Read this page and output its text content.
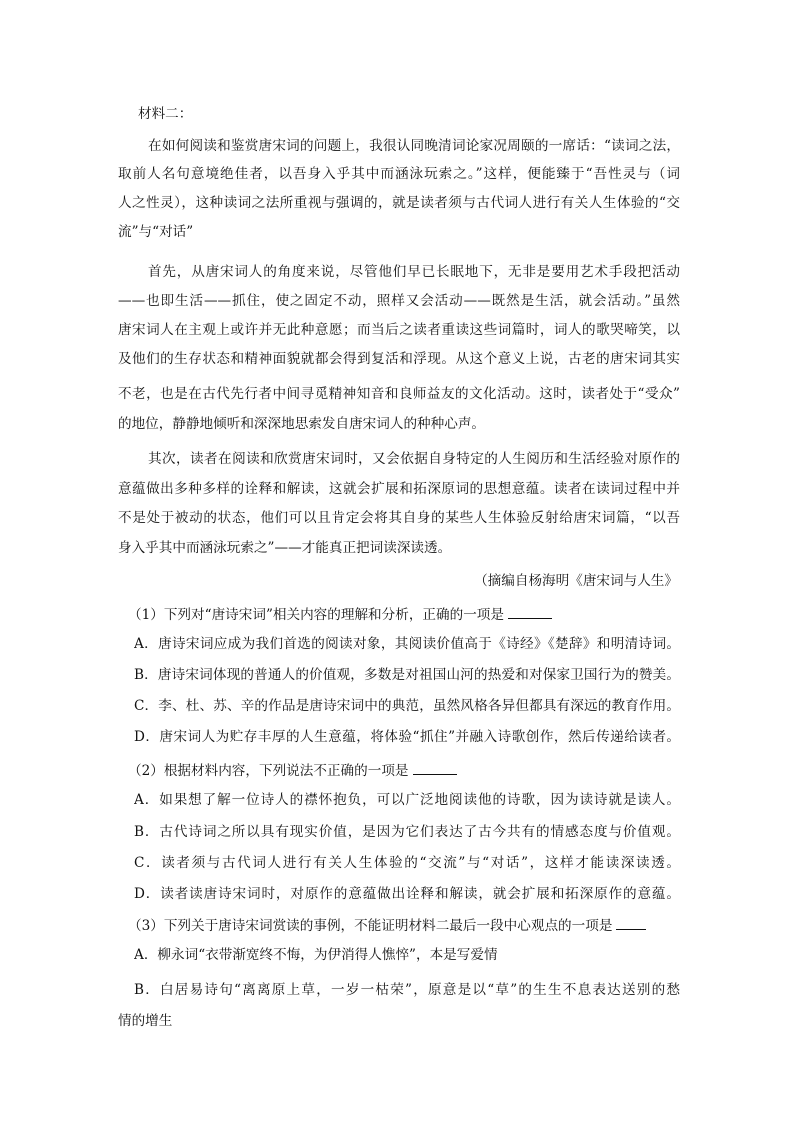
材料二：
在如何阅读和鉴赏唐宋词的问题上，我很认同晚清词论家况周颐的一席话：“读词之法，
取前人名句意境绝佳者，以吾身入乎其中而涵泳玩索之。”这样，便能臻于“吾性灵与（词
人之性灵），这种读词之法所重视与强调的，就是读者须与古代词人进行有关人生体验的“交
流”与“对话”
首先，从唐宋词人的角度来说，尽管他们早已长眠地下，无非是要用艺术手段把活动
——也即生活——抓住，使之固定不动，照样又会活动——既然是生活，就会活动。”虽然
唐宋词人在主观上或许并无此种意愿；而当后之读者重读这些词篇时，词人的歌哭啼笑，以
及他们的生存状态和精神面貌就都会得到复活和浮现。从这个意义上说，古老的唐宋词其实
不老，也是在古代先行者中间寻觅精神知音和良师益友的文化活动。这时，读者处于“受众”
的地位，静静地倾听和深深地思索发自唐宋词人的种种心声。
其次，读者在阅读和欣赏唐宋词时，又会依据自身特定的人生阅历和生活经验对原作的
意蕴做出多种多样的诠释和解读，这就会扩展和拓深原词的思想意蕴。读者在读词过程中并
不是处于被动的状态，他们可以且肯定会将其自身的某些人生体验反射给唐宋词篇，“以吾
身入乎其中而涵泳玩索之”——才能真正把词读深读透。
（摘编自杨海明《唐宋词与人生》
（1）下列对“唐诗宋词”相关内容的理解和分析，正确的一项是
A．唐诗宋词应成为我们首选的阅读对象，其阅读价值高于《诗经》《楚辞》和明清诗词。
B．唐诗宋词体现的普通人的价值观，多数是对祖国山河的热爱和对保家卫国行为的赞美。
C．李、杜、苏、辛的作品是唐诗宋词中的典范，虽然风格各异但都具有深远的教育作用。
D．唐宋词人为贮存丰厚的人生意蕴，将体验“抓住”并融入诗歌创作，然后传递给读者。
（2）根据材料内容，下列说法不正确的一项是
A．如果想了解一位诗人的襟怀抱负，可以广泛地阅读他的诗歌，因为读诗就是读人。
B．古代诗词之所以具有现实价值，是因为它们表达了古今共有的情感态度与价值观。
C．读者须与古代词人进行有关人生体验的“交流”与“对话”，这样才能读深读透。
D．读者读唐诗宋词时，对原作的意蕴做出诠释和解读，就会扩展和拓深原作的意蕴。
（3）下列关于唐诗宋词赏读的事例，不能证明材料二最后一段中心观点的一项是
A．柳永词“衣带渐宽终不悔，为伊消得人憔悴”，本是写爱情
B．白居易诗句“离离原上草，一岁一枯荣”，原意是以“草”的生生不息表达送别的愁
情的增生
